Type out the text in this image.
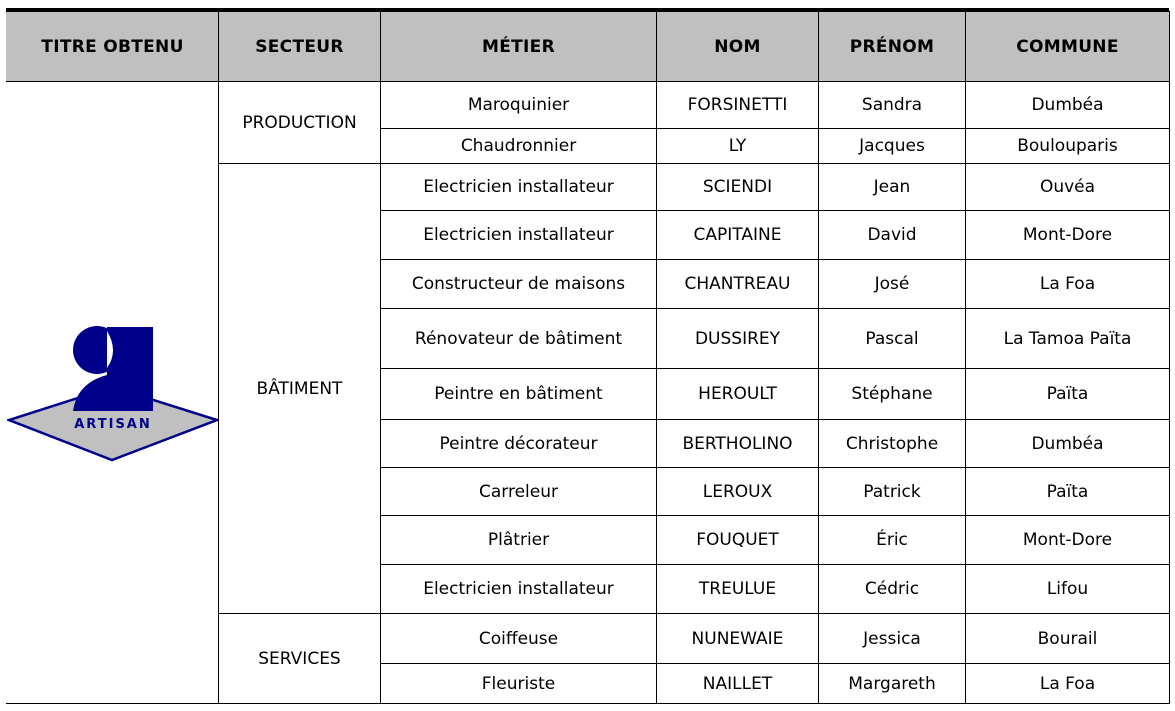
TITRE OBTENU	SECTEUR	MÉTIER	NOM	PRÉNOM	COMMUNE

ARTISAN	PRODUCTION	Maroquinier	FORSINETTI	Sandra	Dumbéa
		Chaudronnier	LY	Jacques	Boulouparis
	BÂTIMENT	Electricien installateur	SCIENDI	Jean	Ouvéa
		Electricien installateur	CAPITAINE	David	Mont-Dore
		Constructeur de maisons	CHANTREAU	José	La Foa
		Rénovateur de bâtiment	DUSSIREY	Pascal	La Tamoa Païta
		Peintre en bâtiment	HEROULT	Stéphane	Païta
		Peintre décorateur	BERTHOLINO	Christophe	Dumbéa
		Carreleur	LEROUX	Patrick	Païta
		Plâtrier	FOUQUET	Éric	Mont-Dore
		Electricien installateur	TREULUE	Cédric	Lifou
	SERVICES	Coiffeuse	NUNEWAIE	Jessica	Bourail
		Fleuriste	NAILLET	Margareth	La Foa
